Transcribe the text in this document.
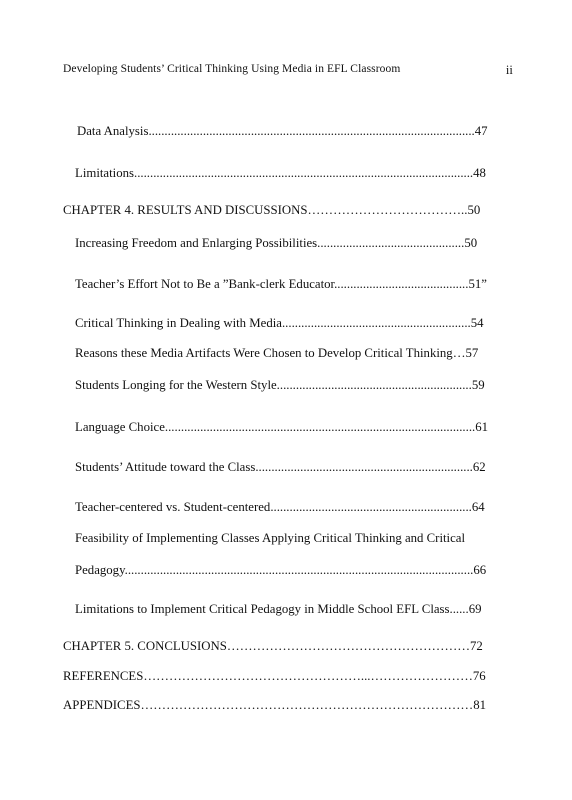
Developing Students’ Critical Thinking Using Media in EFL Classroom	ii
Data Analysis......................................................................................................47
Limitations..........................................................................................................48
CHAPTER 4. RESULTS AND DISCUSSIONS………………………………..50
Increasing Freedom and Enlarging Possibilities..............................................50
Teacher’s Effort Not to Be a ”Bank-clerk Educator..........................................51”
Critical Thinking in Dealing with Media...........................................................54
Reasons these Media Artifacts Were Chosen to Develop Critical Thinking…57
Students Longing for the Western Style.............................................................59
Language Choice.................................................................................................61
Students’ Attitude toward the Class....................................................................62
Teacher-centered vs. Student-centered...............................................................64
Feasibility of Implementing Classes Applying Critical Thinking and Critical
Pedagogy.............................................................................................................66
Limitations to Implement Critical Pedagogy in Middle School EFL Class......69
CHAPTER 5. CONCLUSIONS…………………………………………………72
REFERENCES……………………………………………...……………………76
APPENDICES……………………………………………………………………81
